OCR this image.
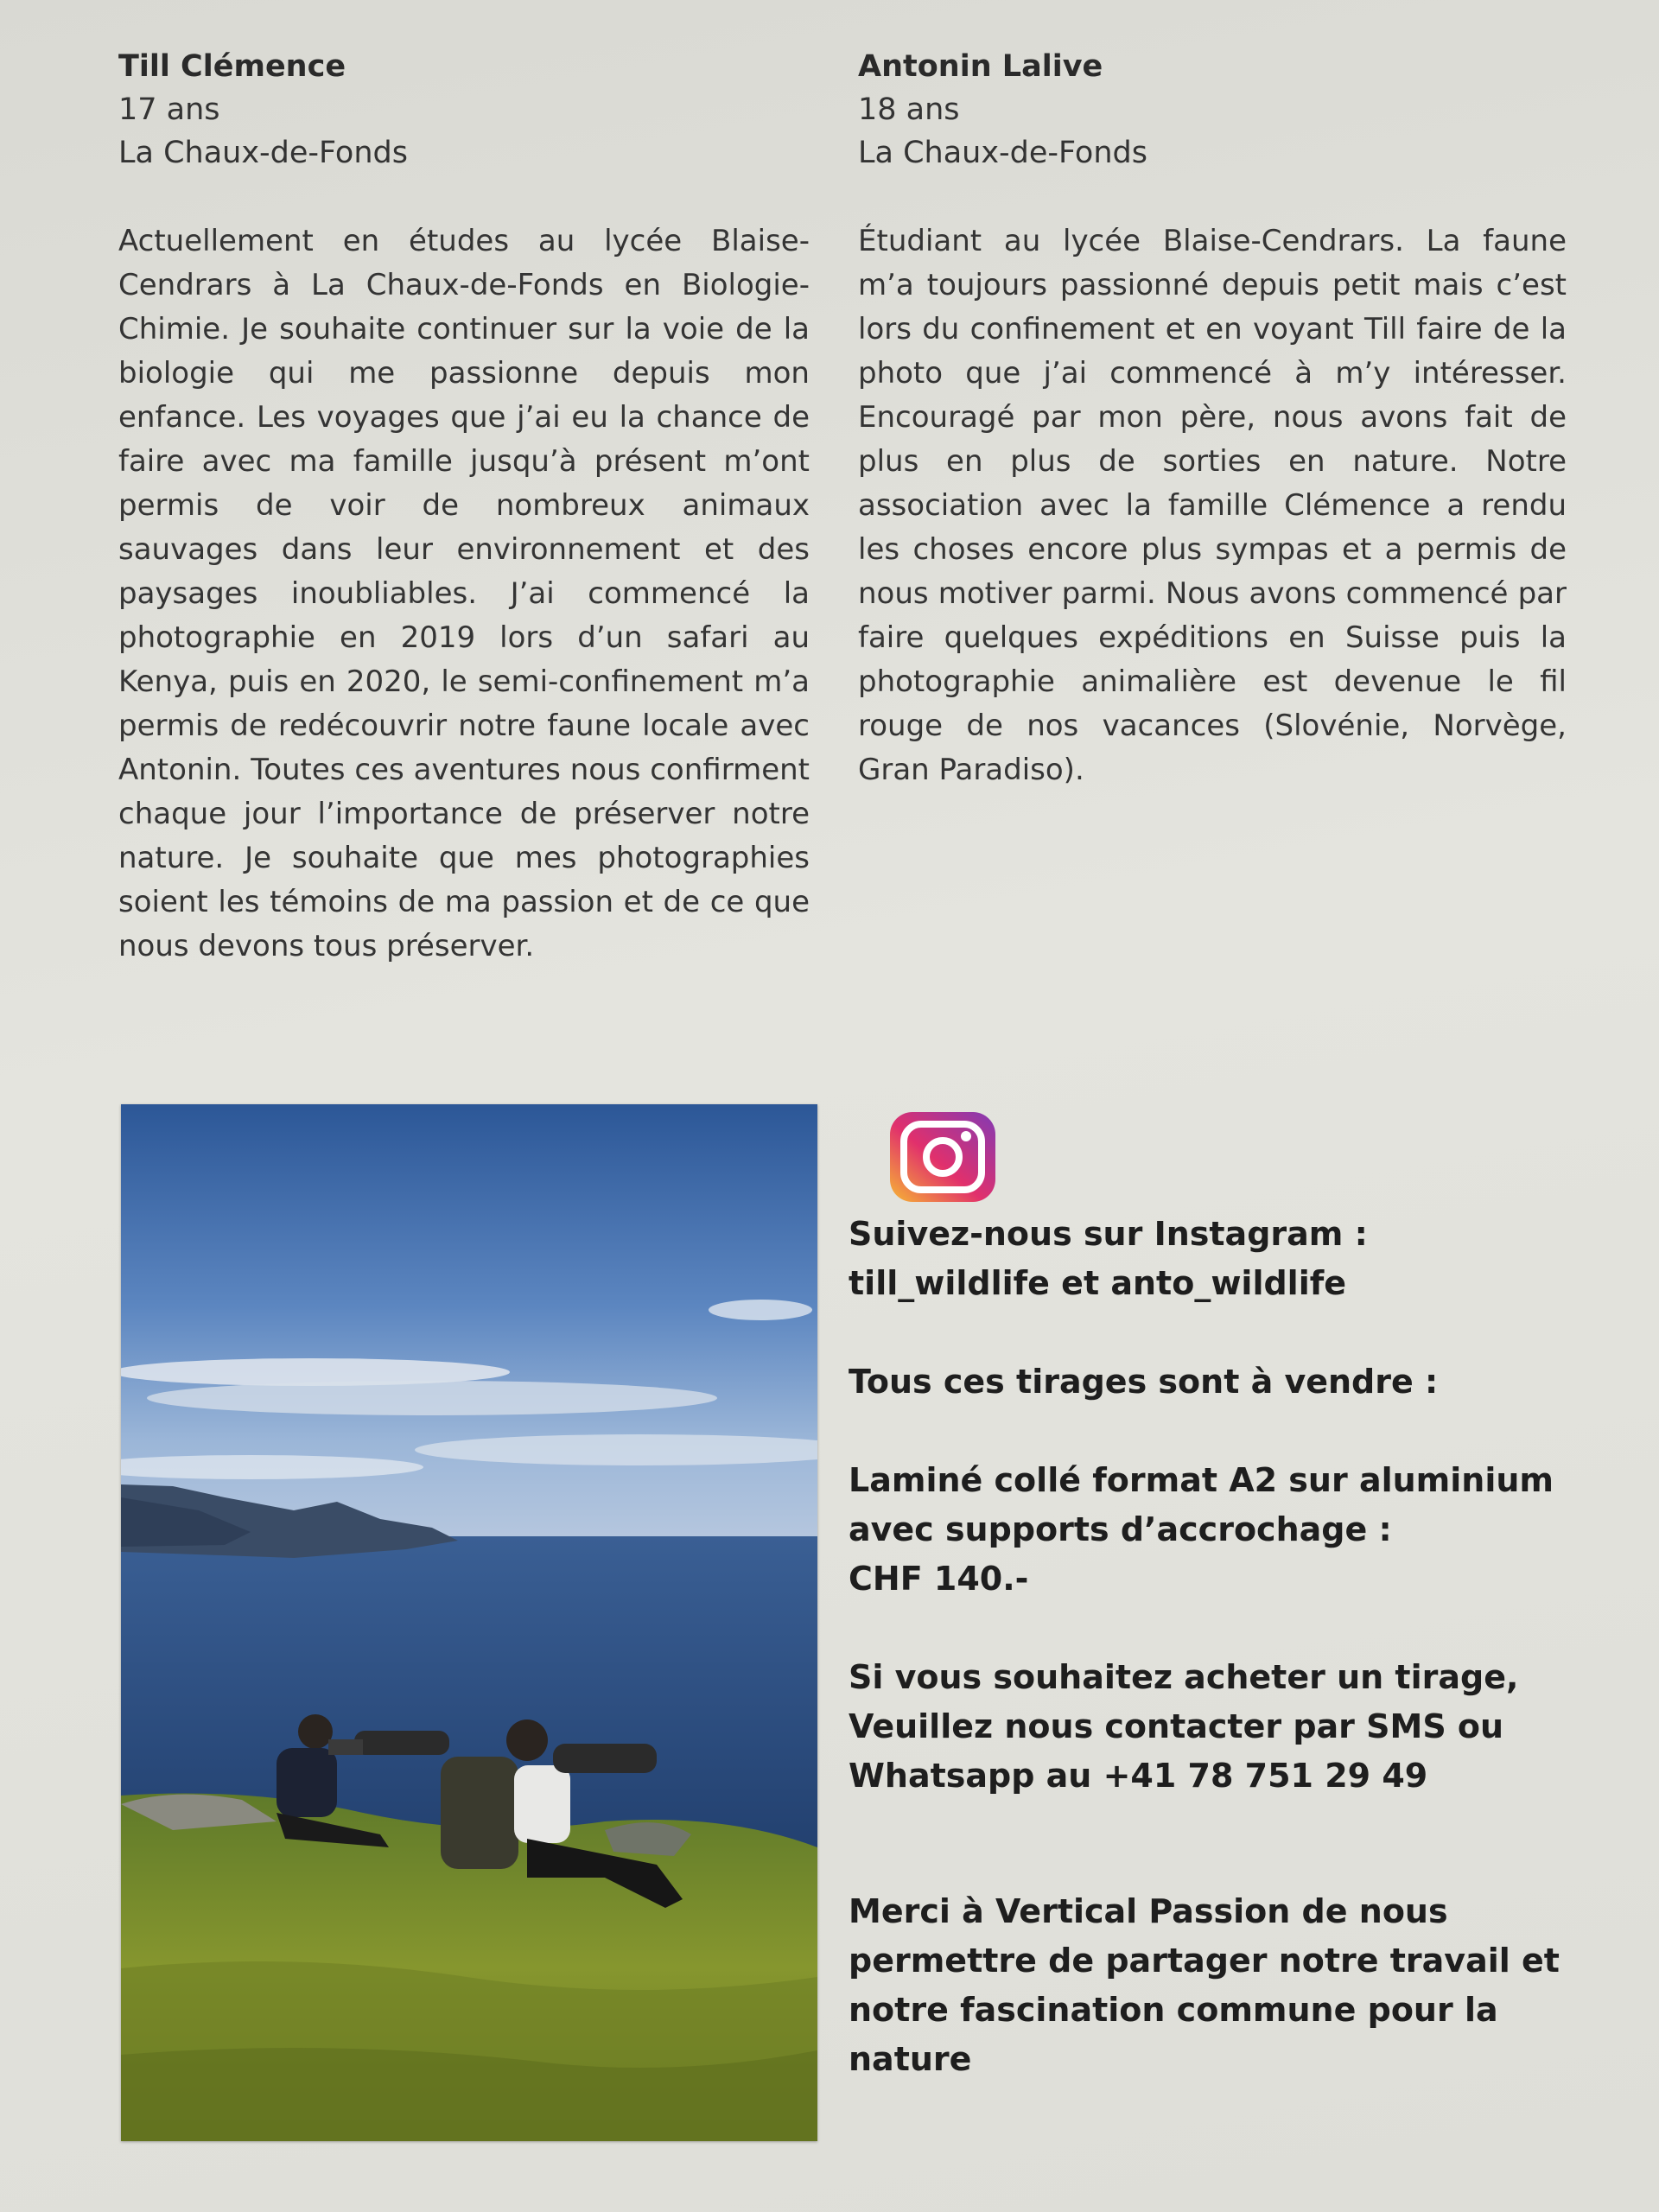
Till Clémence
17 ans
La Chaux-de-Fonds
Actuellement en études au lycée Blaise-Cendrars à La Chaux-de-Fonds en Biologie-Chimie. Je souhaite continuer sur la voie de la biologie qui me passionne depuis mon enfance. Les voyages que j’ai eu la chance de faire avec ma famille jusqu’à présent m’ont permis de voir de nombreux animaux sauvages dans leur environnement et des paysages inoubliables. J’ai commencé la photographie en 2019 lors d’un safari au Kenya, puis en 2020, le semi-confinement m’a permis de redécouvrir notre faune locale avec Antonin. Toutes ces aventures nous confirment chaque jour l’importance de préserver notre nature. Je souhaite que mes photographies soient les témoins de ma passion et de ce que nous devons tous préserver.
Antonin Lalive
18 ans
La Chaux-de-Fonds
Étudiant au lycée Blaise-Cendrars. La faune m’a toujours passionné depuis petit mais c’est lors du confinement et en voyant Till faire de la photo que j’ai commencé à m’y intéresser. Encouragé par mon père, nous avons fait de plus en plus de sorties en nature. Notre association avec la famille Clémence a rendu les choses encore plus sympas et a permis de nous motiver parmi. Nous avons commencé par faire quelques expéditions en Suisse puis la photographie animalière est devenue le fil rouge de nos vacances (Slovénie, Norvège, Gran Paradiso).
Suivez-nous sur Instagram :
till_wildlife et anto_wildlife
Tous ces tirages sont à vendre :
Laminé collé format A2 sur aluminium
avec supports d’accrochage :
CHF 140.-
Si vous souhaitez acheter un tirage,
Veuillez nous contacter par SMS ou
Whatsapp au +41 78 751 29 49
Merci à Vertical Passion de nous
permettre de partager notre travail et
notre fascination commune pour la
nature
